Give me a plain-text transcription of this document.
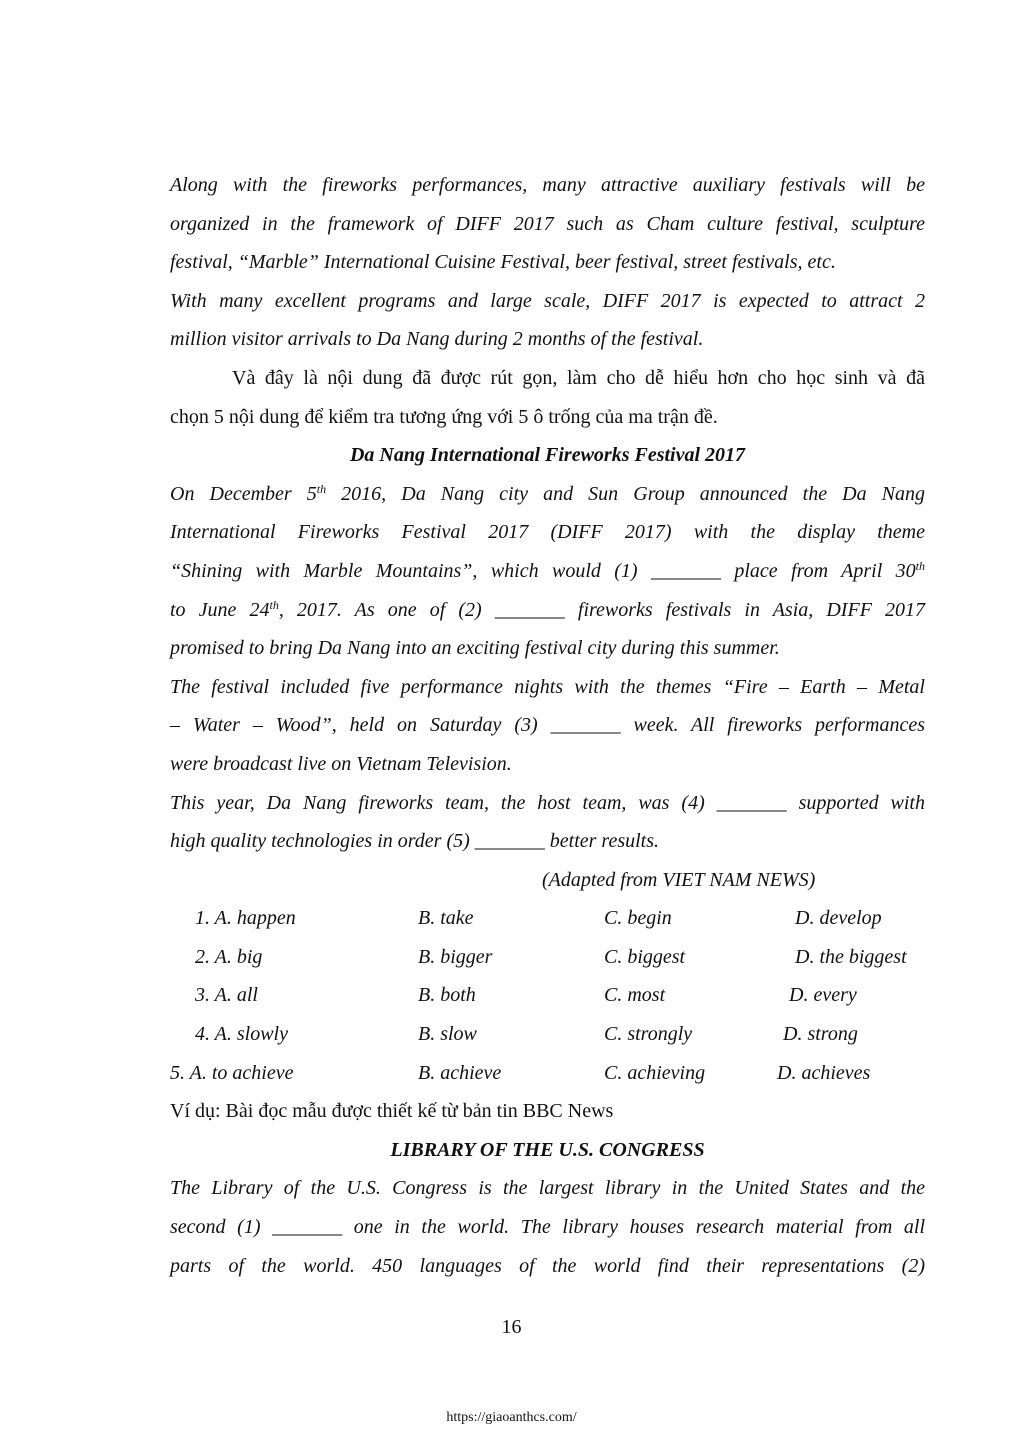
Along with the fireworks performances, many attractive auxiliary festivals will be
organized in the framework of DIFF 2017 such as Cham culture festival, sculpture
festival, “Marble” International Cuisine Festival, beer festival, street festivals, etc.
With many excellent programs and large scale, DIFF 2017 is expected to attract 2
million visitor arrivals to Da Nang during 2 months of the festival.
Và đây là nội dung đã được rút gọn, làm cho dễ hiểu hơn cho học sinh và đã
chọn 5 nội dung để kiểm tra tương ứng với 5 ô trống của ma trận đề.
Da Nang International Fireworks Festival 2017
On December 5th 2016, Da Nang city and Sun Group announced the Da Nang
International Fireworks Festival 2017 (DIFF 2017) with the display theme
“Shining with Marble Mountains”, which would (1) _______ place from April 30th
to June 24th, 2017. As one of (2) _______ fireworks festivals in Asia, DIFF 2017
promised to bring Da Nang into an exciting festival city during this summer.
The festival included five performance nights with the themes “Fire – Earth – Metal
– Water – Wood”, held on Saturday (3) _______ week. All fireworks performances
were broadcast live on Vietnam Television.
This year, Da Nang fireworks team, the host team, was (4) _______ supported with
high quality technologies in order (5) _______ better results.
(Adapted from VIET NAM NEWS)
1. A. happen	B. take	C. begin	D. develop
2. A. big	B. bigger	C. biggest	D. the biggest
3. A. all	B. both	C. most	D. every
4. A. slowly	B. slow	C. strongly	D. strong
5. A. to achieve	B. achieve	C. achieving	D. achieves
Ví dụ: Bài đọc mẫu được thiết kế từ bản tin BBC News
LIBRARY OF THE U.S. CONGRESS
The Library of the U.S. Congress is the largest library in the United States and the
second (1) _______ one in the world. The library houses research material from all
parts of the world. 450 languages of the world find their representations (2)
16
https://giaoanthcs.com/
